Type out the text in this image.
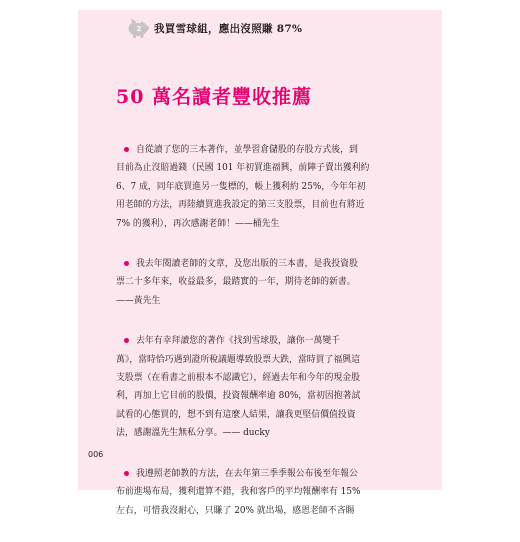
2 我買雪球組，應出沒照賺 87%
50 萬名讀者豐收推薦
自從讀了您的三本著作，並學習倉儲股的存股方式後，到
目前為止沒賠過錢（民國 101 年初買進福興，前陣子賣出獲利約
6、7 成，同年底買進另一隻標的，帳上獲利約 25%，今年年初
用老師的方法，再陸續買進我設定的第三支股票，目前也有將近
7% 的獲利），再次感謝老師！——桶先生
我去年閱讀老師的文章，及您出版的三本書，是我投資股
票二十多年來，收益最多，最踏實的一年，期待老師的新書。
——黃先生
去年有幸拜讀您的著作《找到雪球股，讓你一萬變千
萬》，當時恰巧遇到證所稅議題導致股票大跌，當時買了福興這
支股票（在看書之前根本不認識它），經過去年和今年的現金股
利，再加上它目前的股價，投資報酬率逾 80%，當初因抱著試
試看的心態買的，想不到有這麼人結果，讓我更堅信價值投資
法，感謝溫先生無私分享。—— ducky
我遵照老師教的方法，在去年第三季季報公布後至年報公
布前進場布局，獲利還算不錯，我和客戶的平均報酬率有 15%
左右，可惜我沒耐心，只賺了 20% 就出場，感恩老師不吝賜
006
